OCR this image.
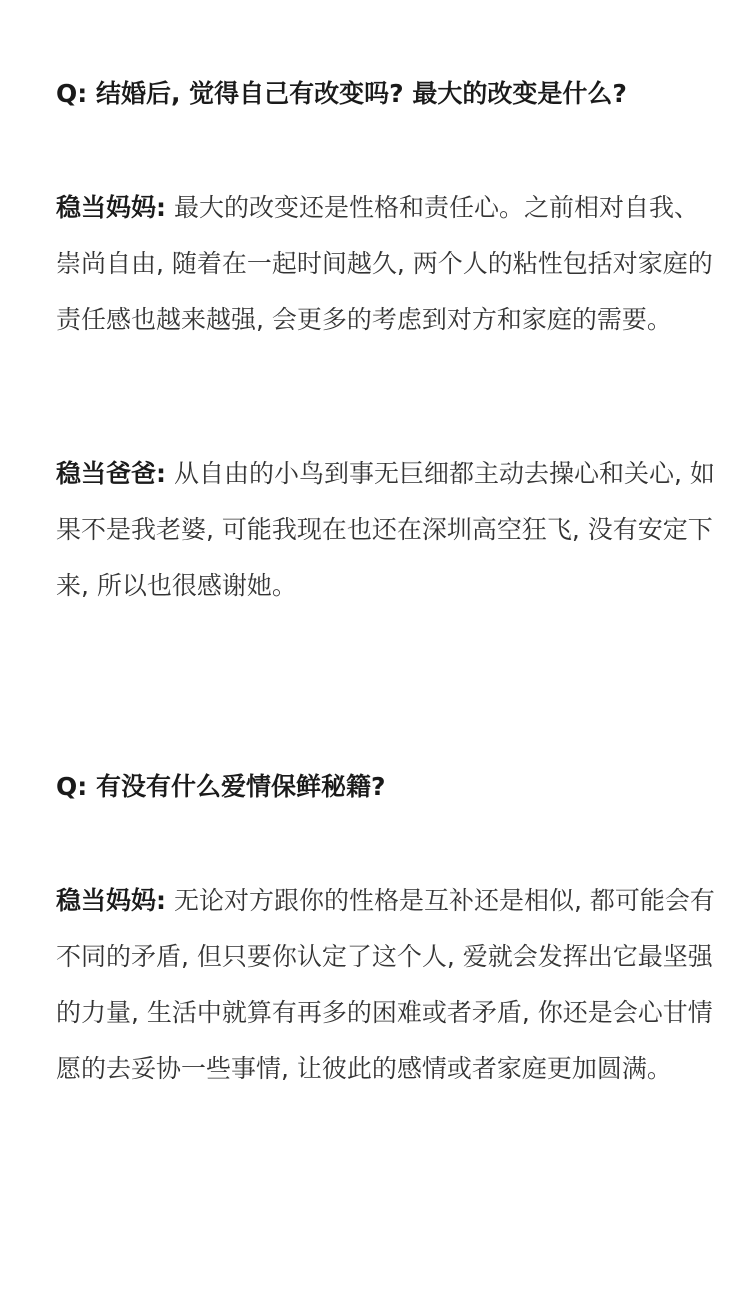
Q: 结婚后, 觉得自己有改变吗? 最大的改变是什么?

稳当妈妈: 最大的改变还是性格和责任心。之前相对自我、崇尚自由, 随着在一起时间越久, 两个人的粘性包括对家庭的责任感也越来越强, 会更多的考虑到对方和家庭的需要。

稳当爸爸: 从自由的小鸟到事无巨细都主动去操心和关心, 如果不是我老婆, 可能我现在也还在深圳高空狂飞, 没有安定下来, 所以也很感谢她。

Q: 有没有什么爱情保鲜秘籍?

稳当妈妈: 无论对方跟你的性格是互补还是相似, 都可能会有不同的矛盾, 但只要你认定了这个人, 爱就会发挥出它最坚强的力量, 生活中就算有再多的困难或者矛盾, 你还是会心甘情愿的去妥协一些事情, 让彼此的感情或者家庭更加圆满。
